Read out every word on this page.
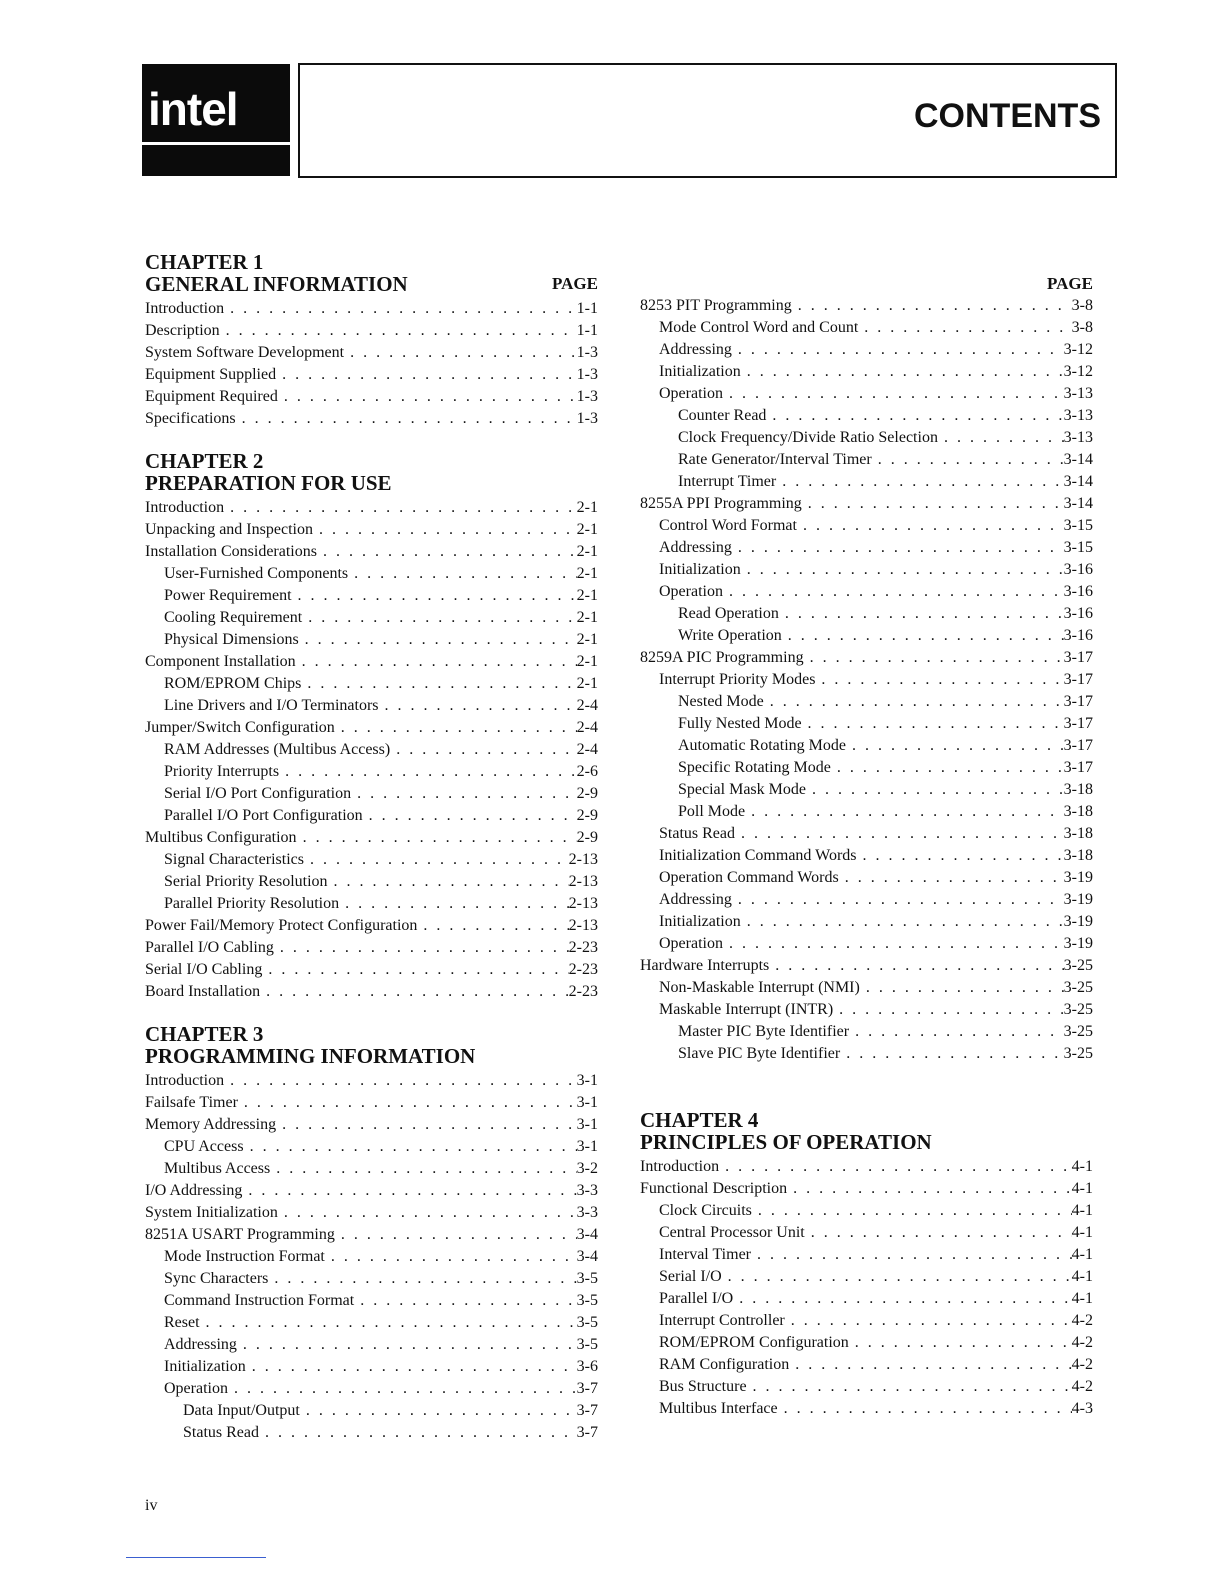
intel	CONTENTS
CHAPTER 1
GENERAL INFORMATION	PAGE
Introduction . . .	1-1
Description . . .	1-1
System Software Development . . .	1-3
Equipment Supplied . . .	1-3
Equipment Required . . .	1-3
Specifications . . .	1-3
CHAPTER 2
PREPARATION FOR USE
Introduction . . .	2-1
Unpacking and Inspection . . .	2-1
Installation Considerations . . .	2-1
User-Furnished Components . . .	2-1
Power Requirement . . .	2-1
Cooling Requirement . . .	2-1
Physical Dimensions . . .	2-1
Component Installation . . .	2-1
ROM/EPROM Chips . . .	2-1
Line Drivers and I/O Terminators . . .	2-4
Jumper/Switch Configuration . . .	2-4
RAM Addresses (Multibus Access) . . .	2-4
Priority Interrupts . . .	2-6
Serial I/O Port Configuration . . .	2-9
Parallel I/O Port Configuration . . .	2-9
Multibus Configuration . . .	2-9
Signal Characteristics . . .	2-13
Serial Priority Resolution . . .	2-13
Parallel Priority Resolution . . .	2-13
Power Fail/Memory Protect Configuration . . .	2-13
Parallel I/O Cabling . . .	2-23
Serial I/O Cabling . . .	2-23
Board Installation . . .	2-23
CHAPTER 3
PROGRAMMING INFORMATION
Introduction . . .	3-1
Failsafe Timer . . .	3-1
Memory Addressing . . .	3-1
CPU Access . . .	3-1
Multibus Access . . .	3-2
I/O Addressing . . .	3-3
System Initialization . . .	3-3
8251A USART Programming . . .	3-4
Mode Instruction Format . . .	3-4
Sync Characters . . .	3-5
Command Instruction Format . . .	3-5
Reset . . .	3-5
Addressing . . .	3-5
Initialization . . .	3-6
Operation . . .	3-7
Data Input/Output . . .	3-7
Status Read . . .	3-7
PAGE
8253 PIT Programming . . .	3-8
Mode Control Word and Count . . .	3-8
Addressing . . .	3-12
Initialization . . .	3-12
Operation . . .	3-13
Counter Read . . .	3-13
Clock Frequency/Divide Ratio Selection . . .	3-13
Rate Generator/Interval Timer . . .	3-14
Interrupt Timer . . .	3-14
8255A PPI Programming . . .	3-14
Control Word Format . . .	3-15
Addressing . . .	3-15
Initialization . . .	3-16
Operation . . .	3-16
Read Operation . . .	3-16
Write Operation . . .	3-16
8259A PIC Programming . . .	3-17
Interrupt Priority Modes . . .	3-17
Nested Mode . . .	3-17
Fully Nested Mode . . .	3-17
Automatic Rotating Mode . . .	3-17
Specific Rotating Mode . . .	3-17
Special Mask Mode . . .	3-18
Poll Mode . . .	3-18
Status Read . . .	3-18
Initialization Command Words . . .	3-18
Operation Command Words . . .	3-19
Addressing . . .	3-19
Initialization . . .	3-19
Operation . . .	3-19
Hardware Interrupts . . .	3-25
Non-Maskable Interrupt (NMI) . . .	3-25
Maskable Interrupt (INTR) . . .	3-25
Master PIC Byte Identifier . . .	3-25
Slave PIC Byte Identifier . . .	3-25
CHAPTER 4
PRINCIPLES OF OPERATION
Introduction . . .	4-1
Functional Description . . .	4-1
Clock Circuits . . .	4-1
Central Processor Unit . . .	4-1
Interval Timer . . .	4-1
Serial I/O . . .	4-1
Parallel I/O . . .	4-1
Interrupt Controller . . .	4-2
ROM/EPROM Configuration . . .	4-2
RAM Configuration . . .	4-2
Bus Structure . . .	4-2
Multibus Interface . . .	4-3
iv
